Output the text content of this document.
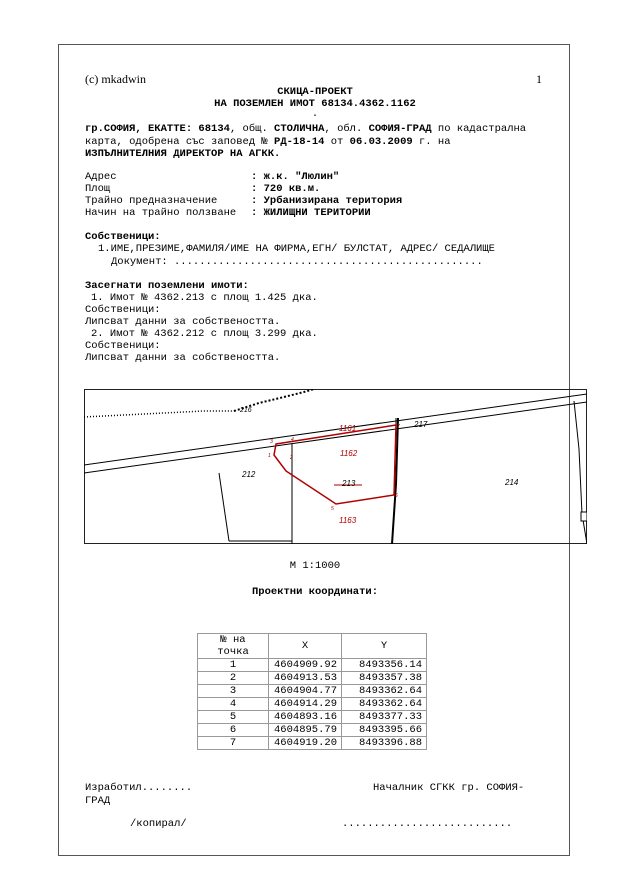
(c) mkadwin	1
СКИЦА-ПРОЕКТ
НА ПОЗЕМЛЕН ИМОТ 68134.4362.1162
.
гр.СОФИЯ, ЕКАТТЕ: 68134, общ. СТОЛИЧНА, обл. СОФИЯ-ГРАД по кадастрална
карта, одобрена със заповед № РД-18-14 от 06.03.2009 г. на
ИЗПЪЛНИТЕЛНИЯ ДИРЕКТОР НА АГКК.
Адрес	: ж.к. "Люлин"
Площ	: 720 кв.м.
Трайно предназначение	: Урбанизирана територия
Начин на трайно ползване : ЖИЛИЩНИ ТЕРИТОРИИ
Собственици:
1.ИМЕ,ПРЕЗИМЕ,ФАМИЛЯ/ИМЕ НА ФИРМА,ЕГН/ БУЛСТАТ, АДРЕС/ СЕДАЛИЩЕ
Документ: .................................................
Засегнати поземлени имоти:
1. Имот № 4362.213 с площ 1.425 дка.
Собственици:
Липсват данни за собствеността.
2. Имот № 4362.212 с площ 3.299 дка.
Собственици:
Липсват данни за собствеността.
216
1161	217
1162
212
213	214
1163
3	4
1	2
7
6
5
М 1:1000
Проектни координати:
№ на точка	X	Y
1	4604909.92	8493356.14
2	4604913.53	8493357.38
3	4604904.77	8493362.64
4	4604914.29	8493362.64
5	4604893.16	8493377.33
6	4604895.79	8493395.66
7	4604919.20	8493396.88
Изработил........	Началник СГКК гр. СОФИЯ-
ГРАД
/копирал/	...........................
